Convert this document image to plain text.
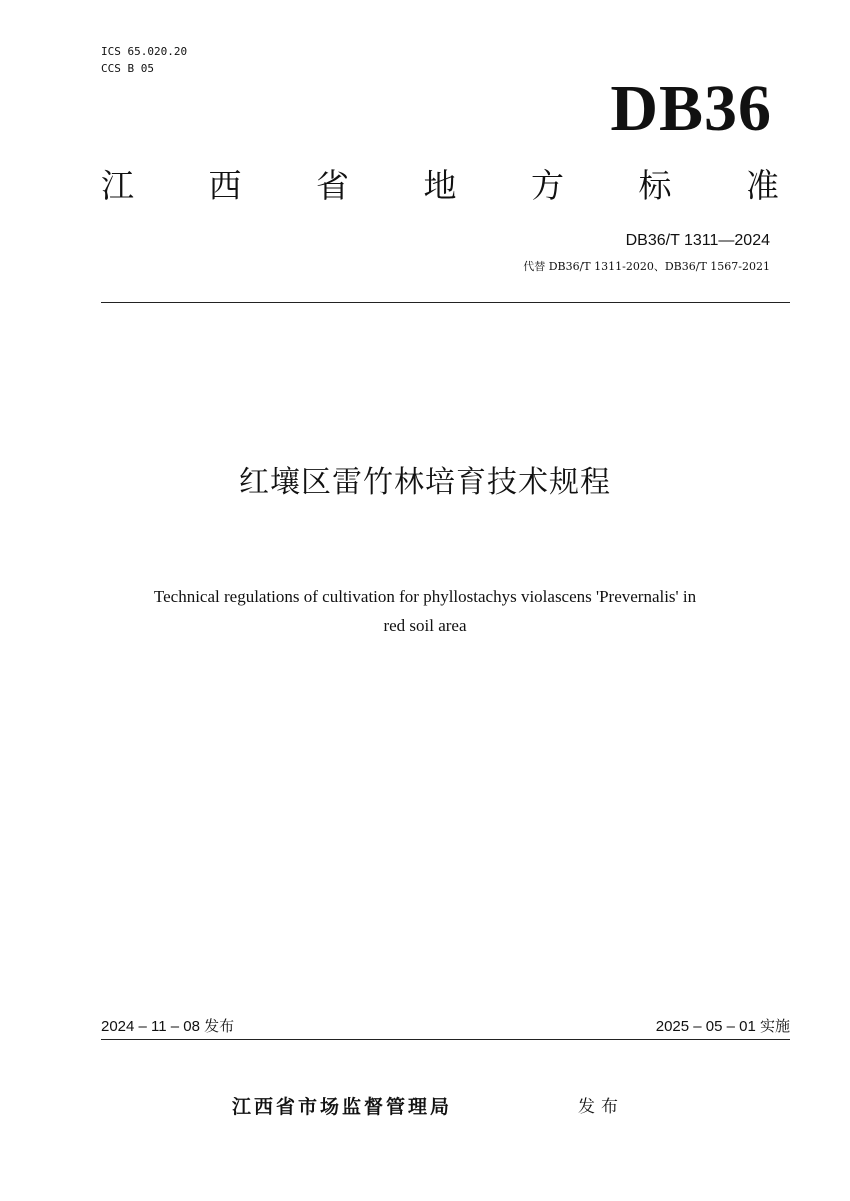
ICS 65.020.20
CCS B 05
DB36
江 西 省 地 方 标 准
DB36/T 1311—2024
代替 DB36/T 1311-2020、DB36/T 1567-2021
红壤区雷竹林培育技术规程
Technical regulations of cultivation for phyllostachys violascens 'Prevernalis' in
red soil area
2024 – 11 – 08 发布	2025 – 05 – 01 实施
江西省市场监督管理局	发布
